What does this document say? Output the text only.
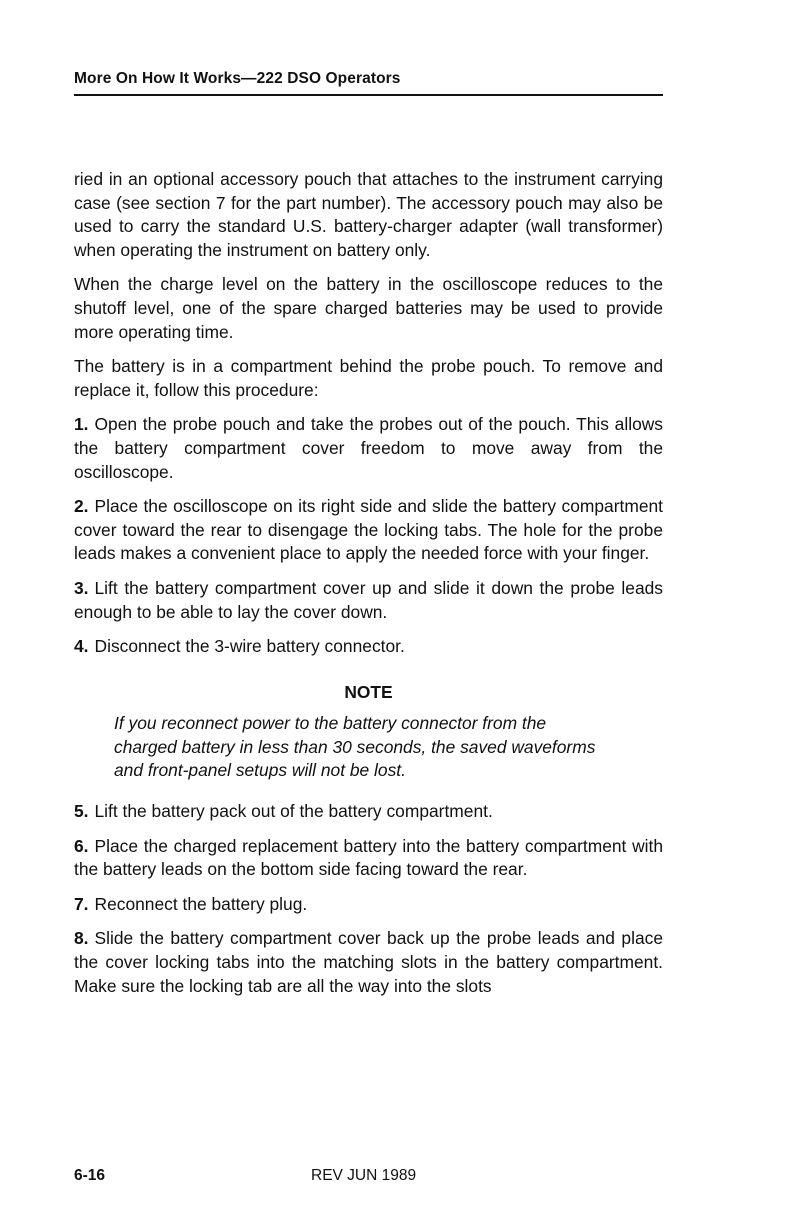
More On How It Works—222 DSO Operators

ried in an optional accessory pouch that attaches to the instrument carrying case (see section 7 for the part number). The accessory pouch may also be used to carry the standard U.S. battery-charger adapter (wall transformer) when operating the instrument on battery only.

When the charge level on the battery in the oscilloscope reduces to the shutoff level, one of the spare charged batteries may be used to provide more operating time.

The battery is in a compartment behind the probe pouch. To remove and replace it, follow this procedure:

1. Open the probe pouch and take the probes out of the pouch. This allows the battery compartment cover freedom to move away from the oscilloscope.

2. Place the oscilloscope on its right side and slide the battery compartment cover toward the rear to disengage the locking tabs. The hole for the probe leads makes a convenient place to apply the needed force with your finger.

3. Lift the battery compartment cover up and slide it down the probe leads enough to be able to lay the cover down.

4. Disconnect the 3-wire battery connector.

NOTE
If you reconnect power to the battery connector from the charged battery in less than 30 seconds, the saved waveforms and front-panel setups will not be lost.

5. Lift the battery pack out of the battery compartment.

6. Place the charged replacement battery into the battery compartment with the battery leads on the bottom side facing toward the rear.

7. Reconnect the battery plug.

8. Slide the battery compartment cover back up the probe leads and place the cover locking tabs into the matching slots in the battery compartment. Make sure the locking tab are all the way into the slots

6-16	REV JUN 1989
